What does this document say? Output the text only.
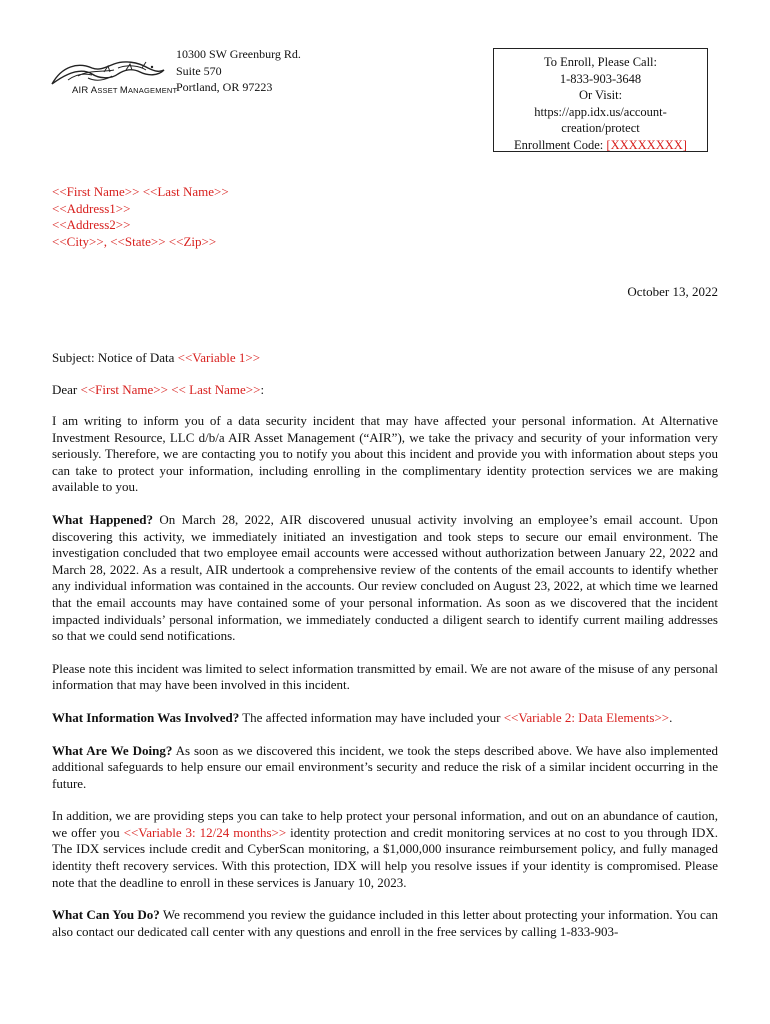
AIR ASSET MANAGEMENT
10300 SW Greenburg Rd.
Suite 570
Portland, OR 97223
To Enroll, Please Call:
1-833-903-3648
Or Visit:
https://app.idx.us/account-
creation/protect
Enrollment Code: [XXXXXXXX]
<<First Name>> <<Last Name>>
<<Address1>>
<<Address2>>
<<City>>, <<State>> <<Zip>>
October 13, 2022
Subject: Notice of Data <<Variable 1>>
Dear <<First Name>> << Last Name>>:

I am writing to inform you of a data security incident that may have affected your personal information. At Alternative Investment Resource, LLC d/b/a AIR Asset Management (“AIR”), we take the privacy and security of your information very seriously. Therefore, we are contacting you to notify you about this incident and provide you with information about steps you can take to protect your information, including enrolling in the complimentary identity protection services we are making available to you.

What Happened? On March 28, 2022, AIR discovered unusual activity involving an employee’s email account. Upon discovering this activity, we immediately initiated an investigation and took steps to secure our email environment. The investigation concluded that two employee email accounts were accessed without authorization between January 22, 2022 and March 28, 2022. As a result, AIR undertook a comprehensive review of the contents of the email accounts to identify whether any individual information was contained in the accounts. Our review concluded on August 23, 2022, at which time we learned that the email accounts may have contained some of your personal information. As soon as we discovered that the incident impacted individuals’ personal information, we immediately conducted a diligent search to identify current mailing addresses so that we could send notifications.

Please note this incident was limited to select information transmitted by email. We are not aware of the misuse of any personal information that may have been involved in this incident.

What Information Was Involved? The affected information may have included your <<Variable 2: Data Elements>>.

What Are We Doing? As soon as we discovered this incident, we took the steps described above. We have also implemented additional safeguards to help ensure our email environment’s security and reduce the risk of a similar incident occurring in the future.

In addition, we are providing steps you can take to help protect your personal information, and out on an abundance of caution, we offer you <<Variable 3: 12/24 months>> identity protection and credit monitoring services at no cost to you through IDX. The IDX services include credit and CyberScan monitoring, a $1,000,000 insurance reimbursement policy, and fully managed identity theft recovery services. With this protection, IDX will help you resolve issues if your identity is compromised. Please note that the deadline to enroll in these services is January 10, 2023.

What Can You Do? We recommend you review the guidance included in this letter about protecting your information. You can also contact our dedicated call center with any questions and enroll in the free services by calling 1-833-903-
